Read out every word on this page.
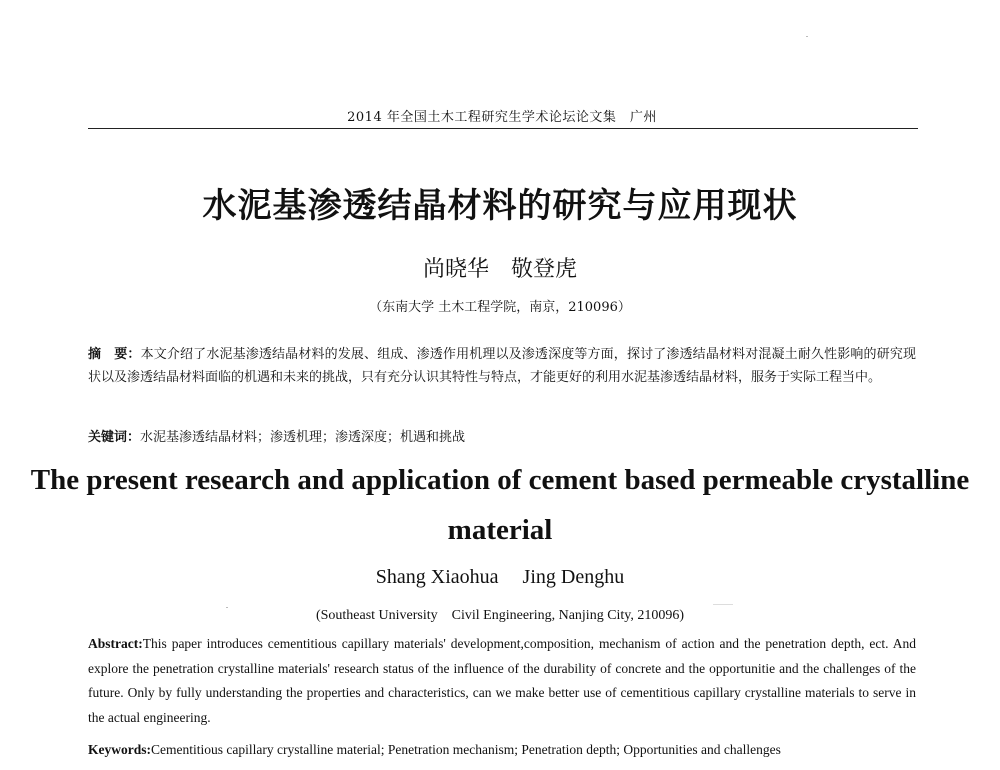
2014 年全国土木工程研究生学术论坛论文集　广州
水泥基渗透结晶材料的研究与应用现状
尚晓华　敬登虎
（东南大学 土木工程学院，南京，210096）
摘　要：本文介绍了水泥基渗透结晶材料的发展、组成、渗透作用机理以及渗透深度等方面，探讨了渗透结晶材料对混凝土耐久性影响的研究现状以及渗透结晶材料面临的机遇和未来的挑战，只有充分认识其特性与特点，才能更好的利用水泥基渗透结晶材料，服务于实际工程当中。
关键词：水泥基渗透结晶材料；渗透机理；渗透深度；机遇和挑战
The present research and application of cement based permeable crystalline material
Shang Xiaohua Jing Denghu
(Southeast University Civil Engineering, Nanjing City, 210096)
Abstract:This paper introduces cementitious capillary materials' development,composition, mechanism of action and the penetration depth, ect. And explore the penetration crystalline materials' research status of the influence of the durability of concrete and the opportunitie and the challenges of the future. Only by fully understanding the properties and characteristics, can we make better use of cementitious capillary crystalline materials to serve in the actual engineering.
Keywords:Cementitious capillary crystalline material; Penetration mechanism; Penetration depth; Opportunities and challenges
